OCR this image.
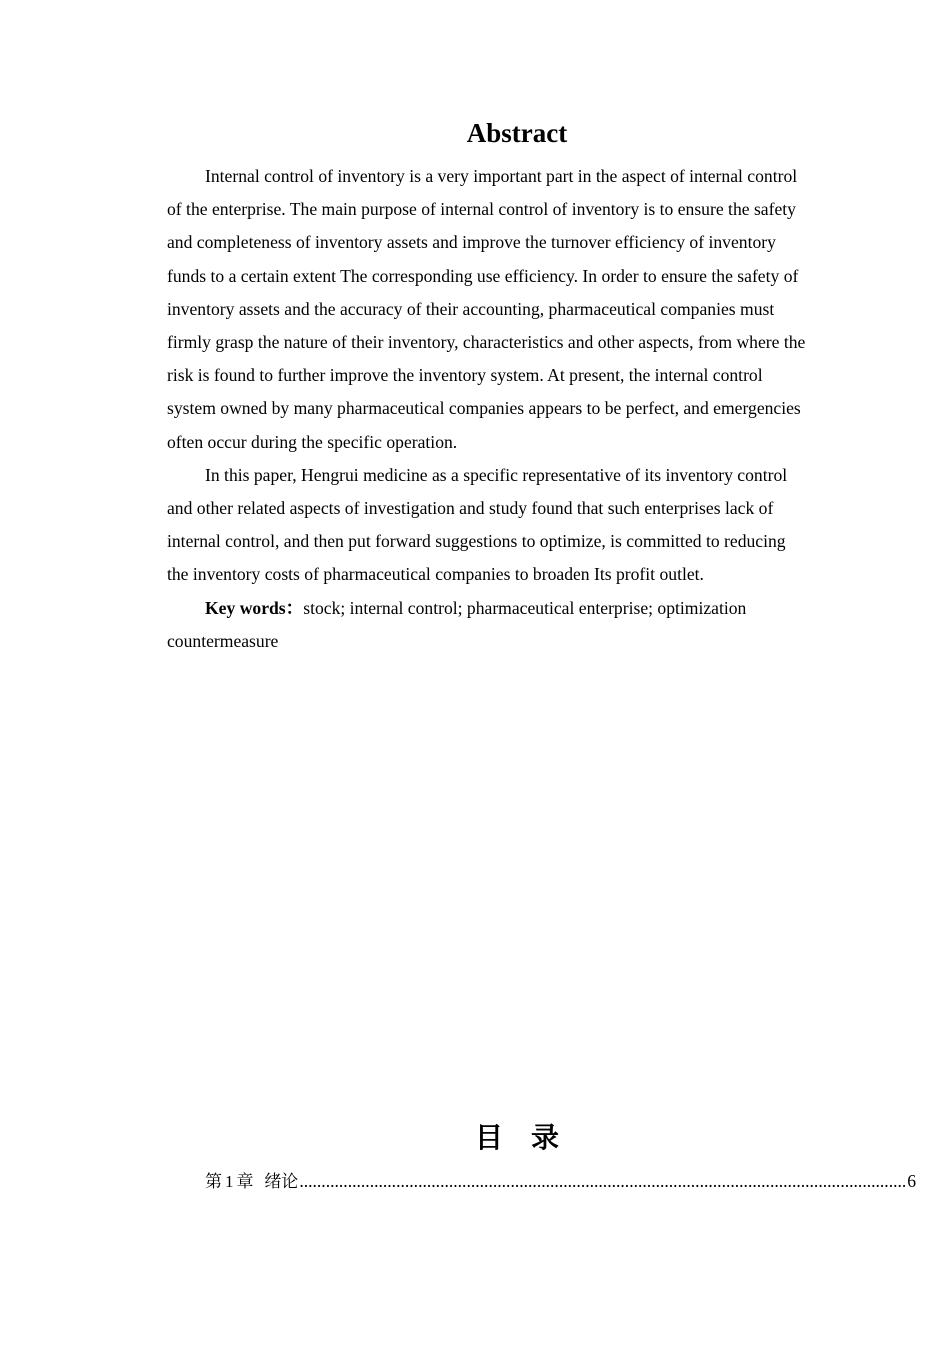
Abstract

Internal control of inventory is a very important part in the aspect of internal control of the enterprise. The main purpose of internal control of inventory is to ensure the safety and completeness of inventory assets and improve the turnover efficiency of inventory funds to a certain extent The corresponding use efficiency. In order to ensure the safety of inventory assets and the accuracy of their accounting, pharmaceutical companies must firmly grasp the nature of their inventory, characteristics and other aspects, from where the risk is found to further improve the inventory system. At present, the internal control system owned by many pharmaceutical companies appears to be perfect, and emergencies often occur during the specific operation.

In this paper, Hengrui medicine as a specific representative of its inventory control and other related aspects of investigation and study found that such enterprises lack of internal control, and then put forward suggestions to optimize, is committed to reducing the inventory costs of pharmaceutical companies to broaden Its profit outlet.

Key words：stock; internal control; pharmaceutical enterprise; optimization countermeasure

目录
第 1 章 绪论 .......................................................................................................................................... 6
